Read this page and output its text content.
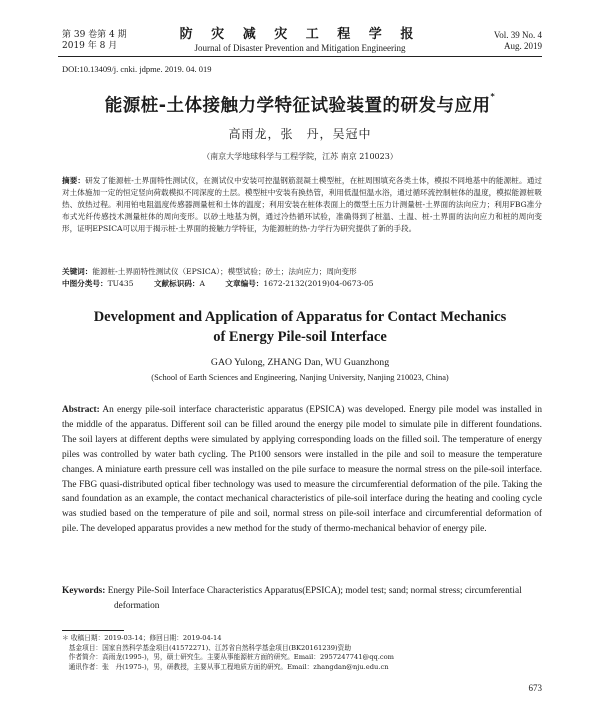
第 39 卷第 4 期
2019 年 8 月
防 灾 减 灾 工 程 学 报
Journal of Disaster Prevention and Mitigation Engineering
Vol. 39 No. 4
Aug. 2019
DOI:10.13409/j. cnki. jdpme. 2019. 04. 019
能源桩-土体接触力学特征试验装置的研发与应用*
高雨龙，张　丹，吴冠中
（南京大学地球科学与工程学院，江苏 南京 210023）
摘要：研发了能源桩-土界面特性测试仪，在测试仪中安装可控温钢筋混凝土模型桩，在桩周围填充各类土体，模拟不同地基中的能源桩。通过对土体施加一定的恒定竖向荷载模拟不同深度的土层。模型桩中安装有换热管，利用低温恒温水浴，通过循环流控制桩体的温度，模拟能源桩吸热、放热过程。利用铂电阻温度传感器测量桩和土体的温度；利用安装在桩体表面上的微型土压力计测量桩-土界面的法向应力；利用FBG准分布式光纤传感技术测量桩体的周向变形。以砂土地基为例，通过冷热循环试验，准确得到了桩温、土温、桩-土界面的法向应力和桩的周向变形，证明EPSICA可以用于揭示桩-土界面的接触力学特征，为能源桩的热-力学行为研究提供了新的手段。
关键词：能源桩-土界面特性测试仪（EPSICA）；模型试验；砂土；法向应力；周向变形
中图分类号：TU435	文献标识码：A	文章编号：1672-2132(2019)04-0673-05
Development and Application of Apparatus for Contact Mechanics
of Energy Pile-soil Interface
GAO Yulong, ZHANG Dan, WU Guanzhong
(School of Earth Sciences and Engineering, Nanjing University, Nanjing 210023, China)
Abstract: An energy pile-soil interface characteristic apparatus (EPSICA) was developed. Energy pile model was installed in the middle of the apparatus. Different soil can be filled around the energy pile model to simulate pile in different foundations. The soil layers at different depths were simulated by applying corresponding loads on the filled soil. The temperature of energy piles was controlled by water bath cycling. The Pt100 sensors were installed in the pile and soil to measure the temperature changes. A miniature earth pressure cell was installed on the pile surface to measure the normal stress on the pile-soil interface. The FBG quasi-distributed optical fiber technology was used to measure the circumferential deformation of the pile. Taking the sand foundation as an example, the contact mechanical characteristics of pile-soil interface during the heating and cooling cycle was studied based on the temperature of pile and soil, normal stress on pile-soil interface and circumferential deformation of pile. The developed apparatus provides a new method for the study of thermo-mechanical behavior of energy pile.
Keywords: Energy Pile-Soil Interface Characteristics Apparatus(EPSICA); model test; sand; normal stress; circumferential deformation
＊ 收稿日期：2019-03-14；修回日期：2019-04-14
　基金项目：国家自然科学基金项目(41572271)、江苏省自然科学基金项目(BK20161239)资助
　作者简介：高雨龙(1995-)，男，硕士研究生。主要从事能源桩方面的研究。Email：2957247741@qq.com
　通讯作者：张　丹(1975-)，男，研教授，主要从事工程地质方面的研究。Email：zhangdan@nju.edu.cn
673
